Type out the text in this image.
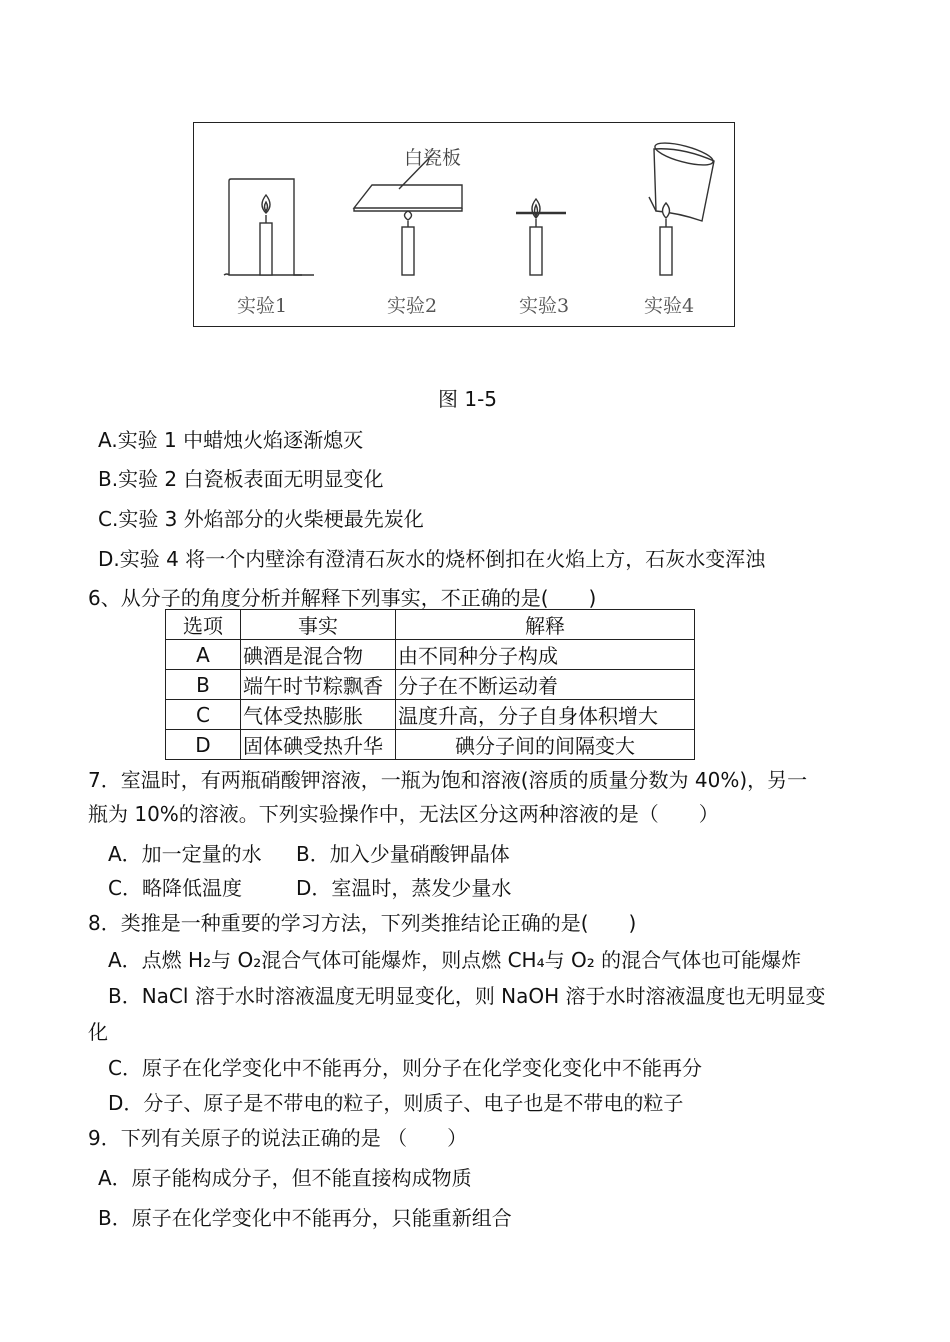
白瓷板
实验1	实验2	实验3	实验4
图 1-5
A.实验 1 中蜡烛火焰逐渐熄灭
B.实验 2 白瓷板表面无明显变化
C.实验 3 外焰部分的火柴梗最先炭化
D.实验 4 将一个内壁涂有澄清石灰水的烧杯倒扣在火焰上方，石灰水变浑浊
6、从分子的角度分析并解释下列事实，不正确的是(　　)
选项	事实	解释
A	碘酒是混合物	由不同种分子构成
B	端午时节粽飘香	分子在不断运动着
C	气体受热膨胀	温度升高，分子自身体积增大
D	固体碘受热升华	碘分子间的间隔变大
7．室温时，有两瓶硝酸钾溶液，一瓶为饱和溶液(溶质的质量分数为 40%)，另一
瓶为 10%的溶液。下列实验操作中，无法区分这两种溶液的是（　　）
A．加一定量的水 B．加入少量硝酸钾晶体
C．略降低温度	D．室温时，蒸发少量水
8．类推是一种重要的学习方法，下列类推结论正确的是(　　)
A．点燃 H₂与 O₂混合气体可能爆炸，则点燃 CH₄与 O₂ 的混合气体也可能爆炸
B．NaCl 溶于水时溶液温度无明显变化，则 NaOH 溶于水时溶液温度也无明显变
化
C．原子在化学变化中不能再分，则分子在化学变化变化中不能再分
D．分子、原子是不带电的粒子，则质子、电子也是不带电的粒子
9．下列有关原子的说法正确的是 （　　）
A．原子能构成分子，但不能直接构成物质
B．原子在化学变化中不能再分，只能重新组合
